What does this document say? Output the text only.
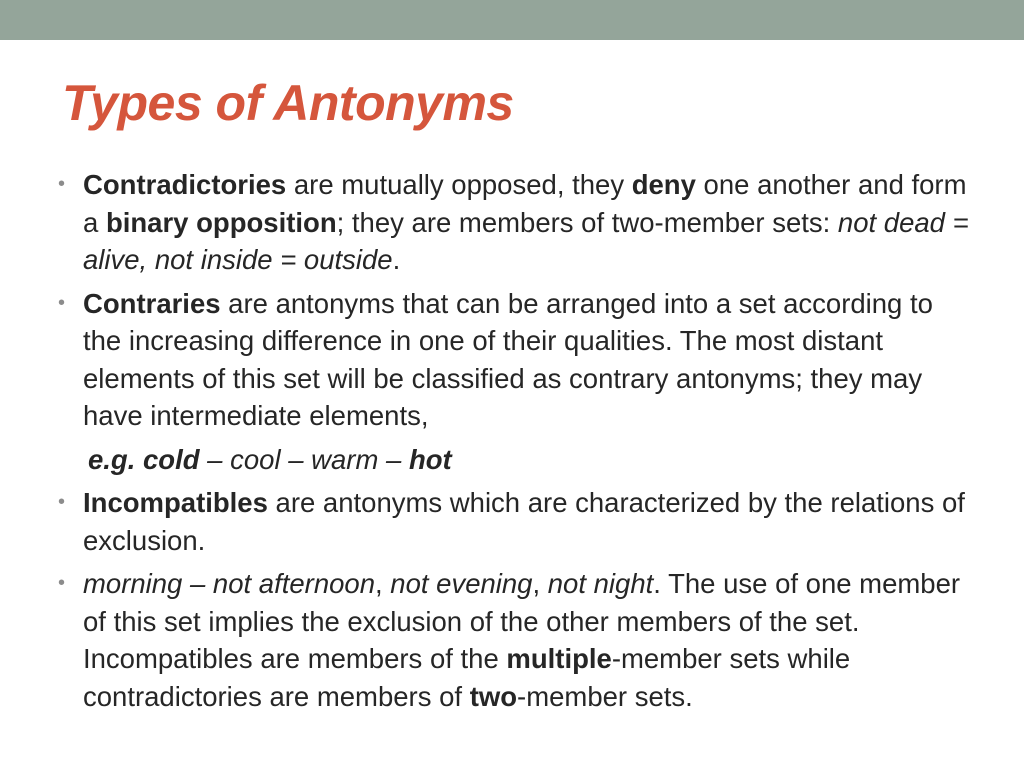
Types of Antonyms
• Contradictories are mutually opposed, they deny one another and form a binary opposition; they are members of two-member sets: not dead = alive, not inside = outside.
• Contraries are antonyms that can be arranged into a set according to the increasing difference in one of their qualities. The most distant elements of this set will be classified as contrary antonyms; they may have intermediate elements,
e.g. cold – cool – warm – hot
• Incompatibles are antonyms which are characterized by the relations of exclusion.
• morning – not afternoon, not evening, not night. The use of one member of this set implies the exclusion of the other members of the set. Incompatibles are members of the multiple-member sets while contradictories are members of two-member sets.
